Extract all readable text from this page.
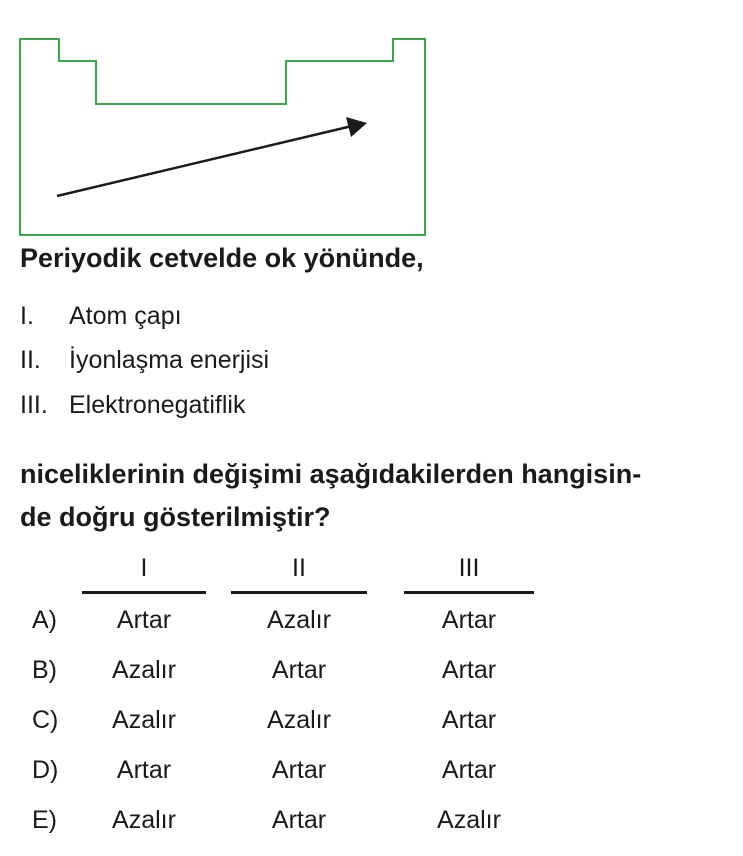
Periyodik cetvelde ok yönünde,
I. Atom çapı
II. İyonlaşma enerjisi
III. Elektronegatiflik
niceliklerinin değişimi aşağıdakilerden hangisin-
de doğru gösterilmiştir?
I	II	III
A)	Artar	Azalır	Artar
B)	Azalır	Artar	Artar
C)	Azalır	Azalır	Artar
D)	Artar	Artar	Artar
E)	Azalır	Artar	Azalır
